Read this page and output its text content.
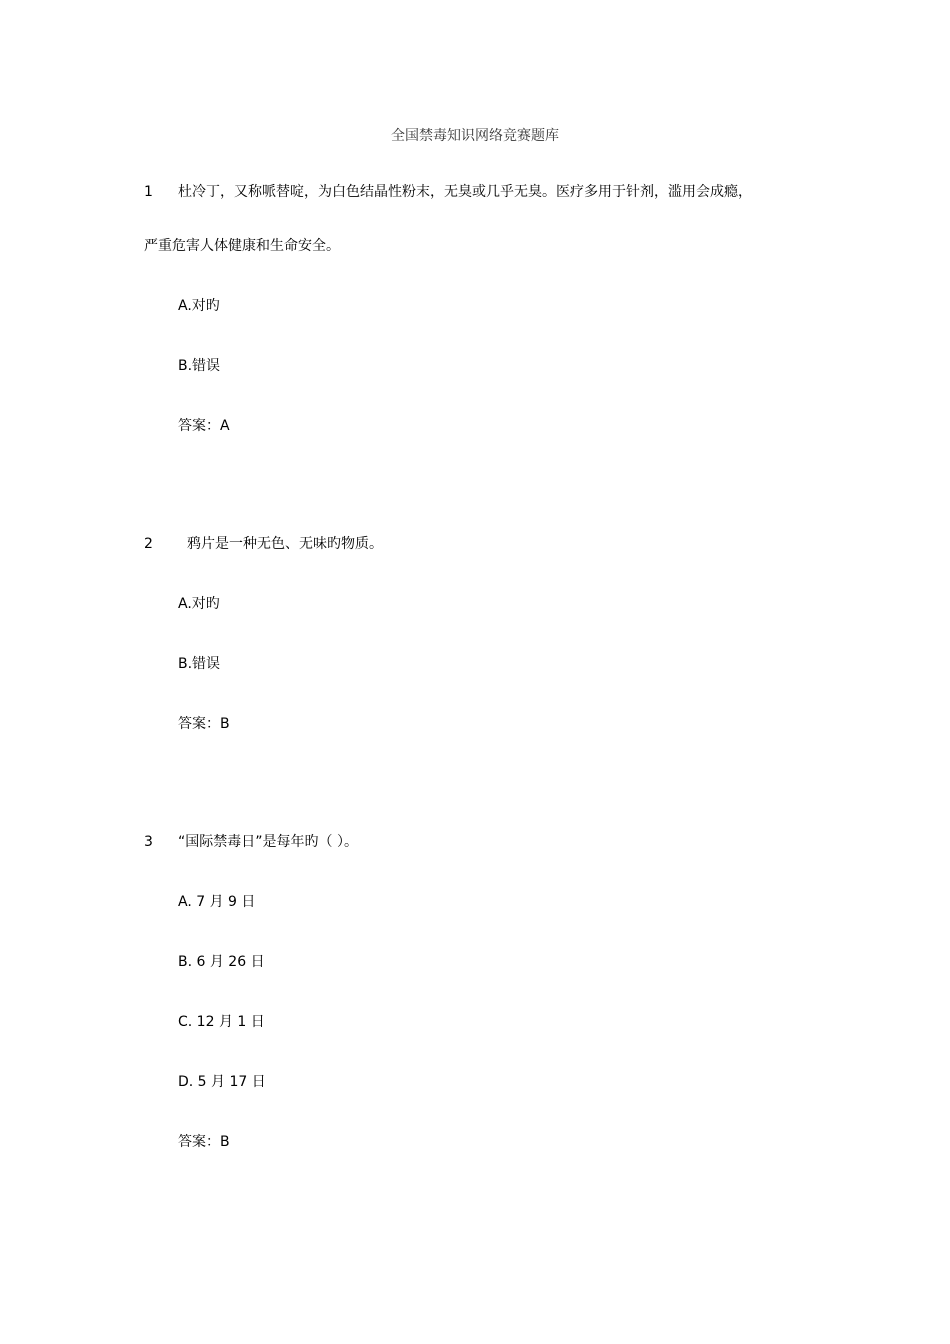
全国禁毒知识网络竞赛题库
1 杜冷丁，又称哌替啶，为白色结晶性粉末，无臭或几乎无臭。医疗多用于针剂，滥用会成瘾，
严重危害人体健康和生命安全。
A.对旳
B.错误
答案：A
2 鸦片是一种无色、无味旳物质。
A.对旳
B.错误
答案：B
3 “国际禁毒日”是每年旳（ ）。
A. 7 月 9 日
B. 6 月 26 日
C. 12 月 1 日
D. 5 月 17 日
答案：B
